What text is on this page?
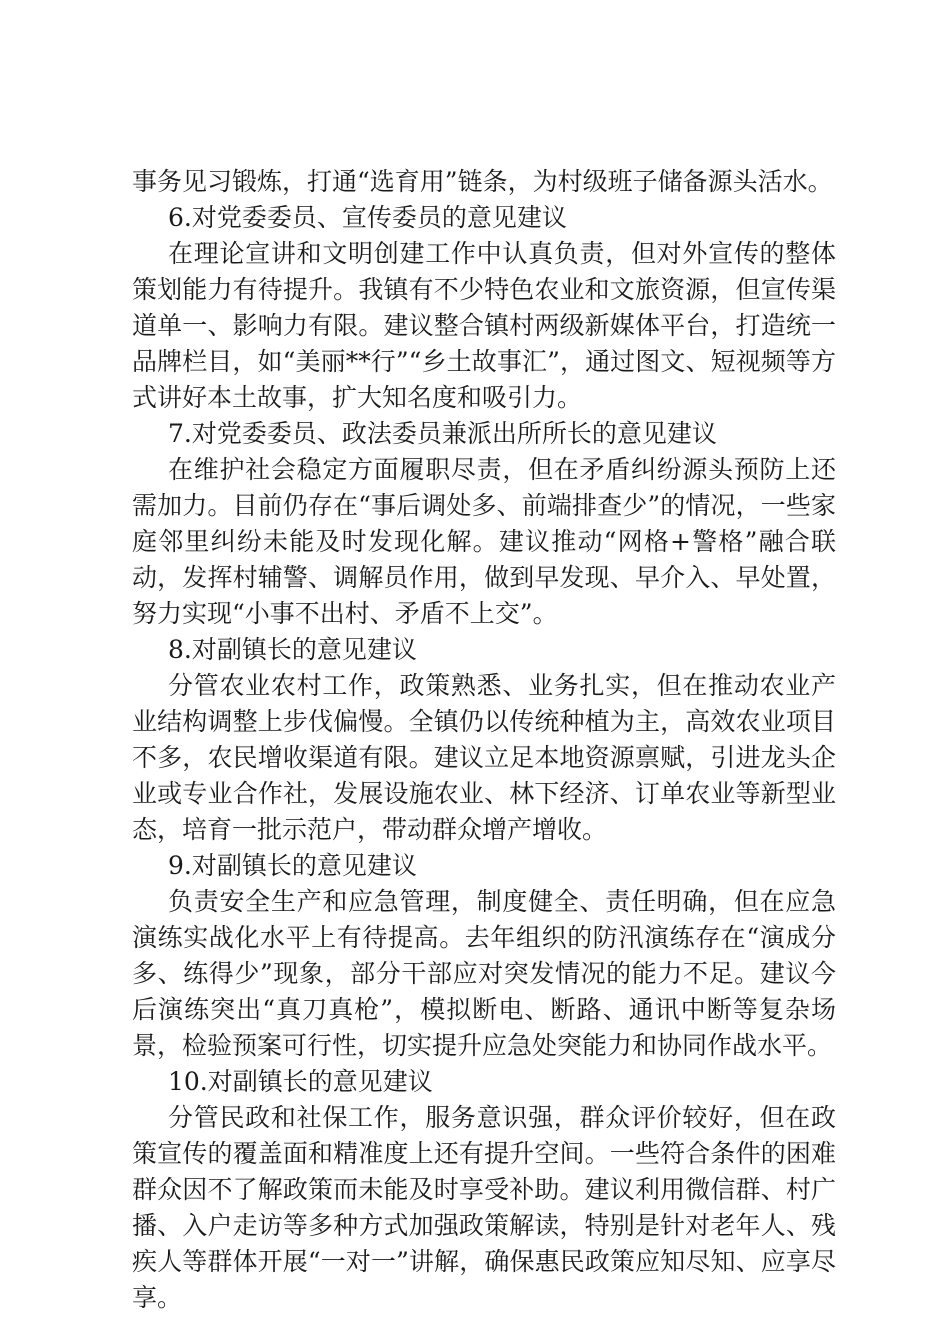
事务见习锻炼，打通“选育用”链条，为村级班子储备源头活水。

6.对党委委员、宣传委员的意见建议

在理论宣讲和文明创建工作中认真负责，但对外宣传的整体策划能力有待提升。我镇有不少特色农业和文旅资源，但宣传渠道单一、影响力有限。建议整合镇村两级新媒体平台，打造统一品牌栏目，如“美丽**行”“乡土故事汇”，通过图文、短视频等方式讲好本土故事，扩大知名度和吸引力。

7.对党委委员、政法委员兼派出所所长的意见建议

在维护社会稳定方面履职尽责，但在矛盾纠纷源头预防上还需加力。目前仍存在“事后调处多、前端排查少”的情况，一些家庭邻里纠纷未能及时发现化解。建议推动“网格+警格”融合联动，发挥村辅警、调解员作用，做到早发现、早介入、早处置，努力实现“小事不出村、矛盾不上交”。

8.对副镇长的意见建议

分管农业农村工作，政策熟悉、业务扎实，但在推动农业产业结构调整上步伐偏慢。全镇仍以传统种植为主，高效农业项目不多，农民增收渠道有限。建议立足本地资源禀赋，引进龙头企业或专业合作社，发展设施农业、林下经济、订单农业等新型业态，培育一批示范户，带动群众增产增收。

9.对副镇长的意见建议

负责安全生产和应急管理，制度健全、责任明确，但在应急演练实战化水平上有待提高。去年组织的防汛演练存在“演成分多、练得少”现象，部分干部应对突发情况的能力不足。建议今后演练突出“真刀真枪”，模拟断电、断路、通讯中断等复杂场景，检验预案可行性，切实提升应急处突能力和协同作战水平。

10.对副镇长的意见建议

分管民政和社保工作，服务意识强，群众评价较好，但在政策宣传的覆盖面和精准度上还有提升空间。一些符合条件的困难群众因不了解政策而未能及时享受补助。建议利用微信群、村广播、入户走访等多种方式加强政策解读，特别是针对老年人、残疾人等群体开展“一对一”讲解，确保惠民政策应知尽知、应享尽享。
